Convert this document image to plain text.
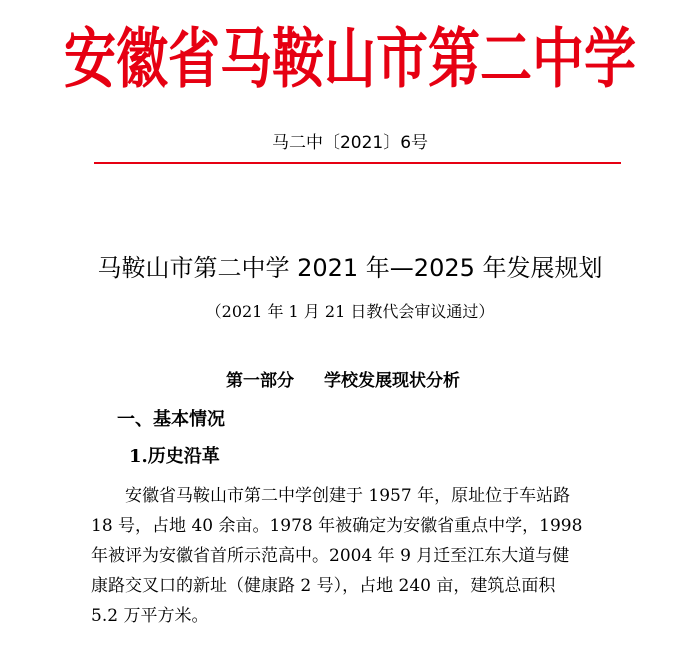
安徽省马鞍山市第二中学
马二中〔2021〕6号
马鞍山市第二中学 2021 年—2025 年发展规划
（2021 年 1 月 21 日教代会审议通过）
第一部分 学校发展现状分析
一、基本情况
1.历史沿革
安徽省马鞍山市第二中学创建于 1957 年，原址位于车站路
18 号，占地 40 余亩。1978 年被确定为安徽省重点中学，1998
年被评为安徽省首所示范高中。2004 年 9 月迁至江东大道与健
康路交叉口的新址（健康路 2 号），占地 240 亩，建筑总面积
5.2 万平方米。
